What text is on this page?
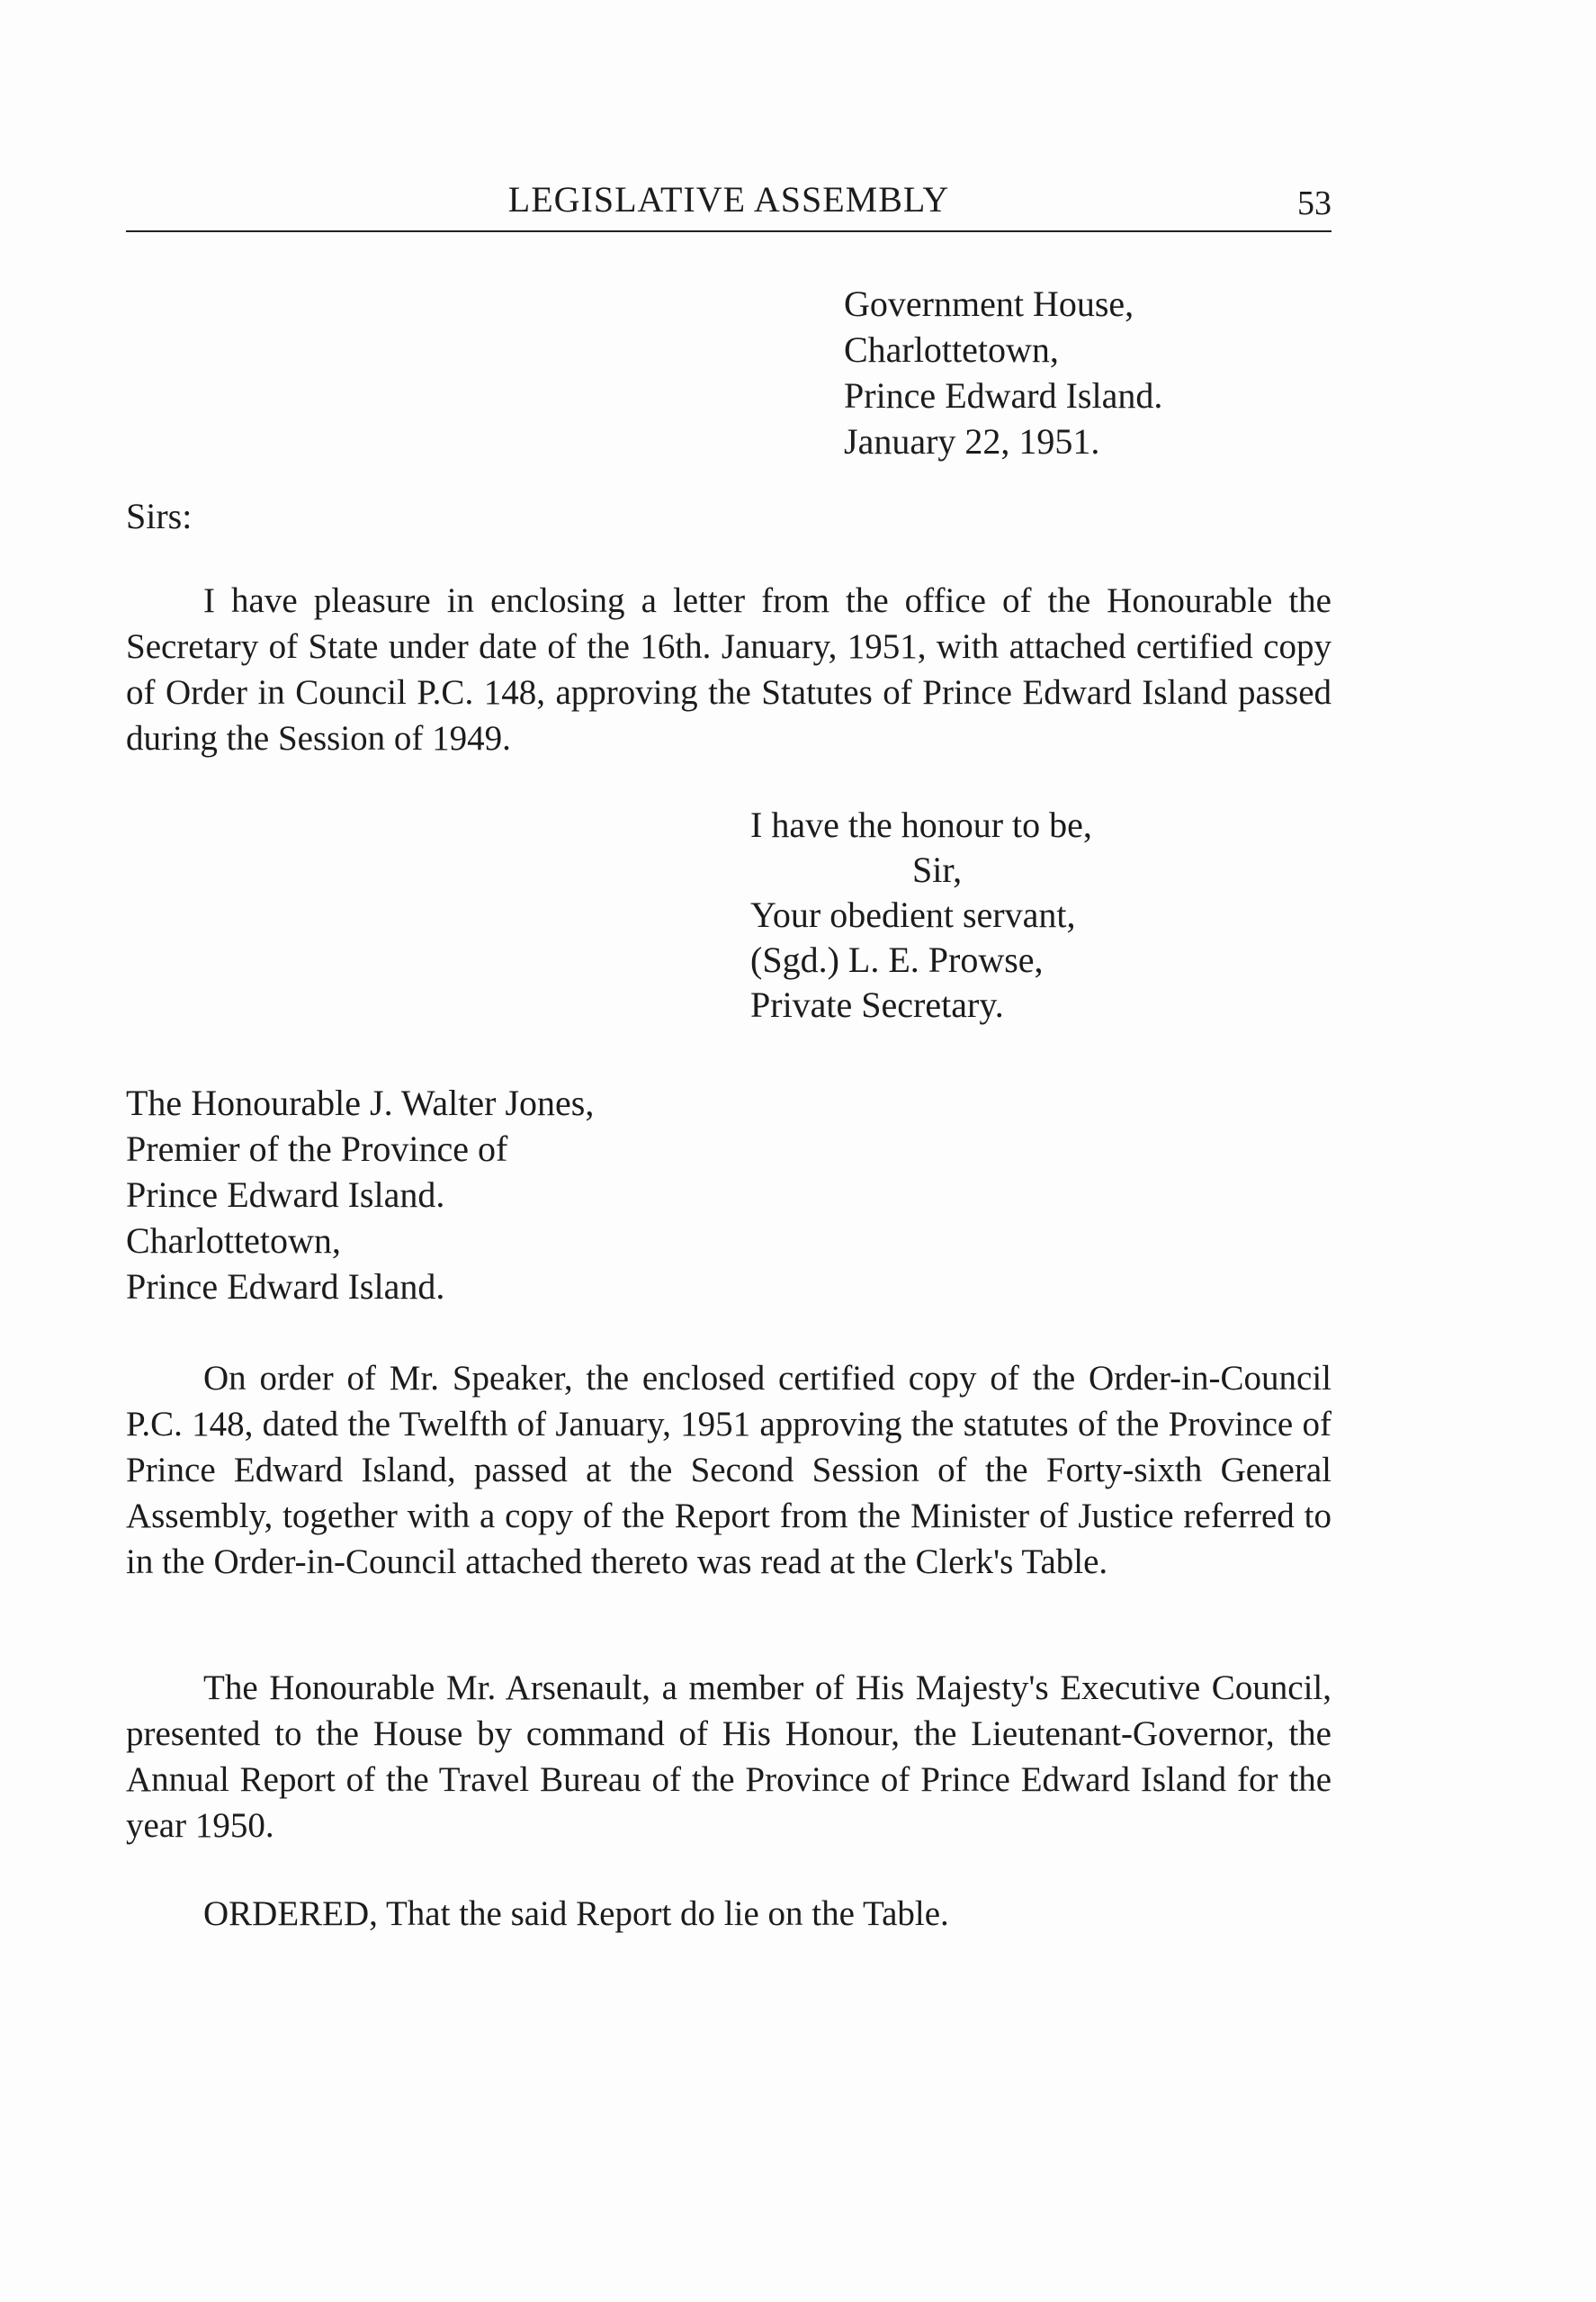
LEGISLATIVE ASSEMBLY	53
Government House,
Charlottetown,
Prince Edward Island.
January 22, 1951.
Sirs:

I have pleasure in enclosing a letter from the office of the Honourable the Secretary of State under date of the 16th. January, 1951, with attached certified copy of Order in Council P.C. 148, approving the Statutes of Prince Edward Island passed during the Session of 1949.

I have the honour to be,
Sir,
Your obedient servant,
(Sgd.) L. E. Prowse,
Private Secretary.
The Honourable J. Walter Jones,
Premier of the Province of
Prince Edward Island.
Charlottetown,
Prince Edward Island.

On order of Mr. Speaker, the enclosed certified copy of the Order-in-Council P.C. 148, dated the Twelfth of January, 1951 approving the statutes of the Province of Prince Edward Island, passed at the Second Session of the Forty-sixth General Assembly, together with a copy of the Report from the Minister of Justice referred to in the Order-in-Council attached thereto was read at the Clerk's Table.

The Honourable Mr. Arsenault, a member of His Majesty's Executive Council, presented to the House by command of His Honour, the Lieutenant-Governor, the Annual Report of the Travel Bureau of the Province of Prince Edward Island for the year 1950.

ORDERED, That the said Report do lie on the Table.
